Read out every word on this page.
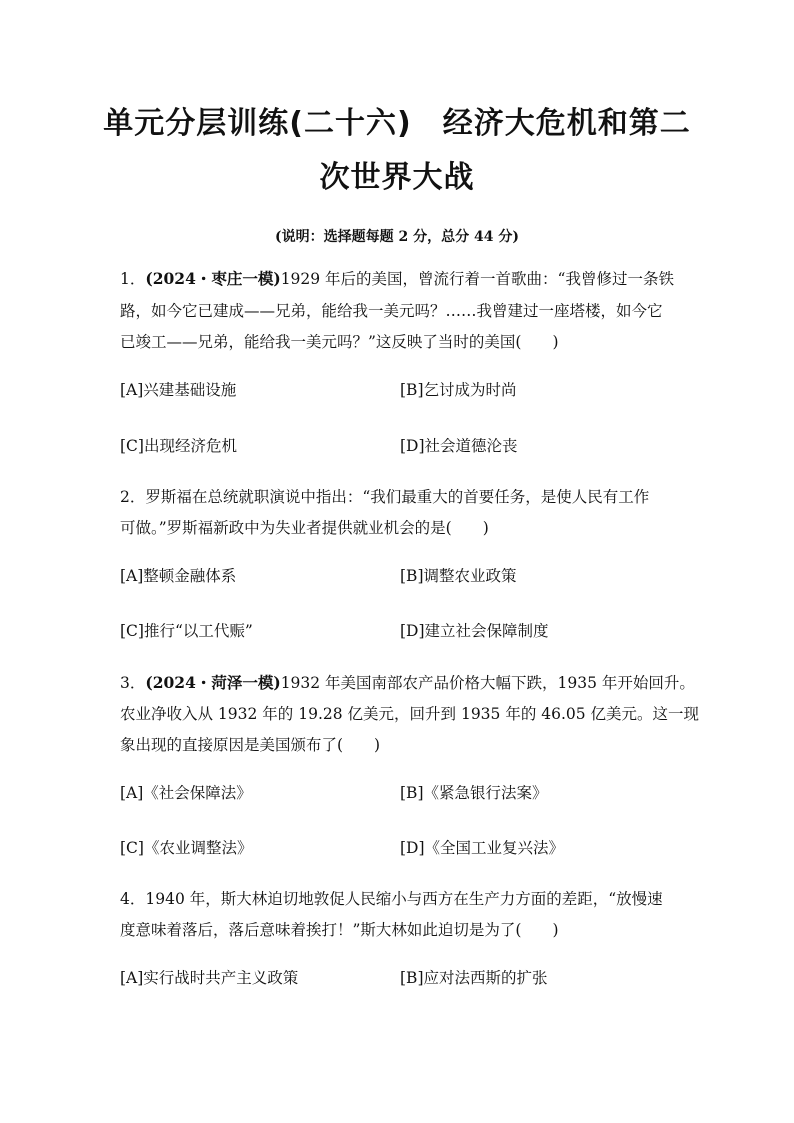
单元分层训练(二十六)　经济大危机和第二
次世界大战
(说明：选择题每题 2 分，总分 44 分)
1．(2024・枣庄一模)1929 年后的美国，曾流行着一首歌曲：“我曾修过一条铁
路，如今它已建成——兄弟，能给我一美元吗？……我曾建过一座塔楼，如今它
已竣工——兄弟，能给我一美元吗？”这反映了当时的美国(　　)
[A]兴建基础设施	[B]乞讨成为时尚
[C]出现经济危机	[D]社会道德沦丧
2．罗斯福在总统就职演说中指出：“我们最重大的首要任务，是使人民有工作
可做。”罗斯福新政中为失业者提供就业机会的是(　　)
[A]整顿金融体系	[B]调整农业政策
[C]推行“以工代赈”	[D]建立社会保障制度
3．(2024・菏泽一模)1932 年美国南部农产品价格大幅下跌，1935 年开始回升。
农业净收入从 1932 年的 19.28 亿美元，回升到 1935 年的 46.05 亿美元。这一现
象出现的直接原因是美国颁布了(　　)
[A]《社会保障法》	[B]《紧急银行法案》
[C]《农业调整法》	[D]《全国工业复兴法》
4．1940 年，斯大林迫切地敦促人民缩小与西方在生产力方面的差距，“放慢速
度意味着落后，落后意味着挨打！”斯大林如此迫切是为了(　　)
[A]实行战时共产主义政策	[B]应对法西斯的扩张
